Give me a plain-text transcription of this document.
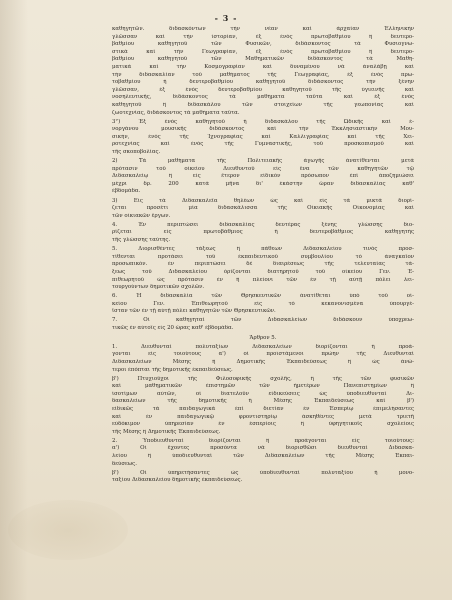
- 3 -
καθηγητῶν. διδασκόντων τὴν νέαν καὶ ἀρχαίαν Ἑλληνικὴν
γλῶσσαν καὶ τὴν ἱστορίαν, ἐξ ἑνὸς πρωτοβαθμίου ἢ δευτερο-
βαθμίου καθηγητοῦ τῶν Φυσικῶν, διδάσκοντος τὰ Φυσιογνω-
στικὰ καὶ τὴν Γεωγραφίαν, ἐξ ἑνὸς πρωτοβαθμίου ἢ δευτερο-
βαθμίου καθηγητοῦ τῶν Μαθηματικῶν διδάσκοντος τὰ Μαθη-
ματικὰ καὶ τὴν Κοσμογραφίαν καὶ δυναμένου νὰ ἀναλάβῃ καὶ
τὴν διδασκαλίαν τοῦ μαθήματος τῆς Γεωγραφίας, ἐξ ἑνὸς πρω-
τοβαθμίου ἢ δευτεροβαθμίου καθηγητοῦ διδάσκοντος τὴν ξένην
γλῶσσαν, ἐξ ἑνὸς δευτεροβαθμίου καθηγητοῦ τῆς ὑγιεινῆς καὶ
νοσηλευτικῆς, διδάσκοντος τὰ μαθήματα ταῦτα καὶ ἐξ ἑνὸς
καθηγητοῦ ἢ διδασκάλου τῶν στοιχείων τῆς γεωπονίας καὶ
ζωοτεχνίας, διδάσκοντος τὰ μαθήματα ταῦτα.
3°) Ἐξ ἑνὸς καθηγητοῦ ἢ διδασκάλου τῆς Ὠδικῆς καὶ ἑ-
νοργάνου μουσικῆς διδάσκοντος καὶ τὴν Ἐκκλησιαστικὴν Μου-
σικὴν, ἑνὸς τῆς Ἰχνογραφίας καὶ Καλλιγραφίας καὶ τῆς Χει-
ροτεχνίας καὶ ἑνὸς τῆς Γυμναστικῆς, τοῦ προσκοπισμοῦ καὶ
τῆς σκοποβολίας.
2) Τὰ μαθήματα τῆς Πολιτειακῆς ἀγωγῆς ἀνατίθενται μετὰ
πρότασιν τοῦ οἰκείου Διευθυντοῦ εἰς ἕνα τῶν καθηγητῶν τῷ
Διδασκαλείῳ ἢ εἰς ἕτερον εἰδικὸν πρόσωπον ἐπὶ ἀποζημιώσει
μέχρι δρ. 200 κατὰ μῆνα δι' ἑκάστην ὥραν διδασκαλίας καθ'
ἑβδομάδα.
3) Εἰς τὰ Διδασκαλεῖα θηλέων ὡς καὶ εἰς τὰ μικτὰ διορί-
ζεται προσέτι μία διδασκάλισσα τῆς Οἰκιακῆς Οἰκονομίας καὶ
τῶν οἰκιακῶν ἔργων.
4. Ἐν περιπτώσει διδασκαλίας δευτέρας ξένης γλώσσης διο-
ρίζεται εἰς πρωτοβάθμιος ἢ δευτεροβάθμιος καθηγητὴς
τῆς γλώσσης ταύτης.
5. Διορισθέντες τάξεως ἢ πάθεων Διδασκαλείου τινὸς προσ-
τίθενται προτάσει τοῦ ἐκπαιδευτικοῦ συμβουλίου τὸ ἀναγκαῖον
προσωπικόν. ἐν περιπτώσει δὲ διαιρέσεως τῆς τελευταίας τά-
ξεως τοῦ Διδασκαλείου ὁρίζονται διατηρητοῦ τοῦ οἰκείου Γεν. Ἐ-
πιθεωρητοῦ ὡς πρότασιν ἐν ἢ πλείονι τῶν ἐν τῇ αὐτῇ πόλει λει-
τουργούντων δημοτικῶν σχολῶν.
6. Ἡ διδασκαλία τῶν Θρησκευτικῶν ἀνατίθεται ὑπὸ τοῦ οἰ-
κείου Γεν. Ἐπιθεωρητοῦ εἰς τὸ κεκανονισμένα ὑπουργέ-
ἵσταν τῶν ἐν τῇ αὐτῇ πόλει καθηγητῶν τῶν Θρησκευτικῶν.
7. Οἱ καθηγηταὶ τῶν Διδασκαλείων διδάσκουν ὑποχρεω-
τικῶς ἐν αὐτοῖς εἰς 20 ὥρας καθ' ἑβδομάδα.
Ἄρθρον 5.
1. Διευθυνταὶ πολυταξίων Διδασκαλείων διορίζονται ἢ προά-
γονται εἰς τοιούτους α') οἱ προϊστάμενοι πρώην τῆς Διευθυνταὶ
Διδασκαλείων Μέσης ἢ Δημοτικῆς Ἐκπαιδεύσεως ἢ ὡς ἀνώ-
τεροι ἐπόπται τῆς δημοτικῆς ἐκπαιδεύσεως.
β') Πτυχιοῦχοι τῆς Φιλοσοφικῆς σχολῆς, ἢ τῆς τῶν φυσικῶν
καὶ μαθηματικῶν ἐπιστημῶν τῶν ἡμετέρων Πανεπιστημίων ἢ
ἰσοτίμων αὐτῶν, οἱ διατελοῦν εἰδικεύσεις ὡς ὑποδιευθυνταὶ Δι-
δασκαλείων τῆς δημοτικῆς ἢ Μέσης Ἐκπαιδεύσεως καὶ β')
εἰδικῶς τὰ παιδαγωγικὰ ἐπὶ διετίαν ἐν Ἑσπερίῳ ἐπιμελήσαντες
καὶ ἐν παιδαγωγικῷ φροντιστηρίῳ ἀσκηθέντες μετὰ τριετῆ
εὐδόκιμον ὑπηρεσίαν ἐν ἑσπερίοις ἢ ὑφηγητικοῖς σχολείοις
τῆς Μέσης ἢ Δημοτικῆς Ἐκπαιδεύσεως.
2. Ὑποδιευθυνταὶ διορίζονται ἢ προάγονται εἰς τοιούτους:
α') Οἱ ἔχοντες προσόντα νὰ διορισθῶσι διευθυνταὶ Διδασκα-
λείου ἢ ὑποδιευθυνταὶ τῶν Διδασκαλείων τῆς Μέσης Ἐκπαι-
δεύσεως.
β') Οἱ ὑπηρετήσαντες ὡς ὑποδιευθυνταὶ πολυταξίου ἢ μονο-
ταξίου Διδασκαλείου δημοτικῆς ἐκπαιδεύσεως.
